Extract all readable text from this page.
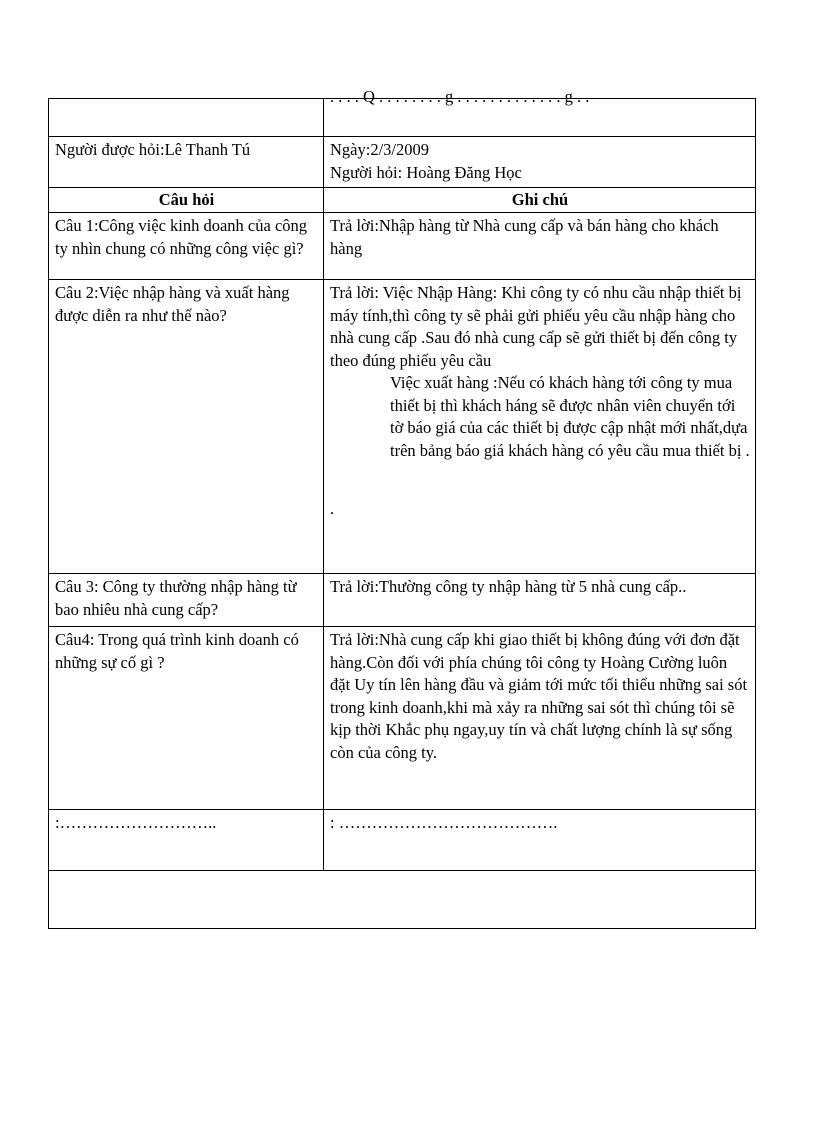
	. . . . Q . . . . . . . . g . . . . . . . . . . . . . g . .

Người được hỏi:Lê Thanh Tú	Ngày:2/3/2009
Người hỏi: Hoàng Đăng Học

Câu hỏi	Ghi chú
Câu 1:Công việc kinh doanh của công ty nhìn chung có những công việc gì?	Trả lời:Nhập hàng từ Nhà cung cấp và bán hàng cho khách hàng

Câu 2:Việc nhập hàng và xuất hàng được diễn ra như thế nào?	Trả lời: Việc Nhập Hàng: Khi công ty có nhu cầu nhập thiết bị máy tính,thì công ty sẽ phải gửi phiếu yêu cầu nhập hàng cho
nhà cung cấp .Sau đó nhà cung cấp sẽ gửi thiết bị đến công ty theo đúng phiếu yêu cầu
Việc xuất hàng :Nếu có khách hàng tới công ty mua thiết bị thì khách háng sẽ được nhân viên chuyển tới tờ báo giá của các thiết bị được cập nhật mới nhất,dựa trên bảng báo giá khách hàng có yêu cầu mua thiết bị .
.

Câu 3: Công ty thường nhập hàng từ bao nhiêu nhà cung cấp?	Trả lời:Thường công ty nhập hàng từ 5 nhà cung cấp..

Câu4: Trong quá trình kinh doanh có những sự cố gì ?	Trả lời:Nhà cung cấp khi giao thiết bị không đúng với đơn đặt hàng.Còn đối với phía chúng tôi công ty Hoàng Cường luôn đặt Uy tín lên hàng đầu và giảm tới mức tối thiểu những sai sót trong kinh doanh,khi mà xảy ra những sai sót thì chúng tôi sẽ kịp thời Khắc phụ ngay,uy tín và chất lượng chính là sự sống còn của công ty.

:………………………..	: ………………………………….
